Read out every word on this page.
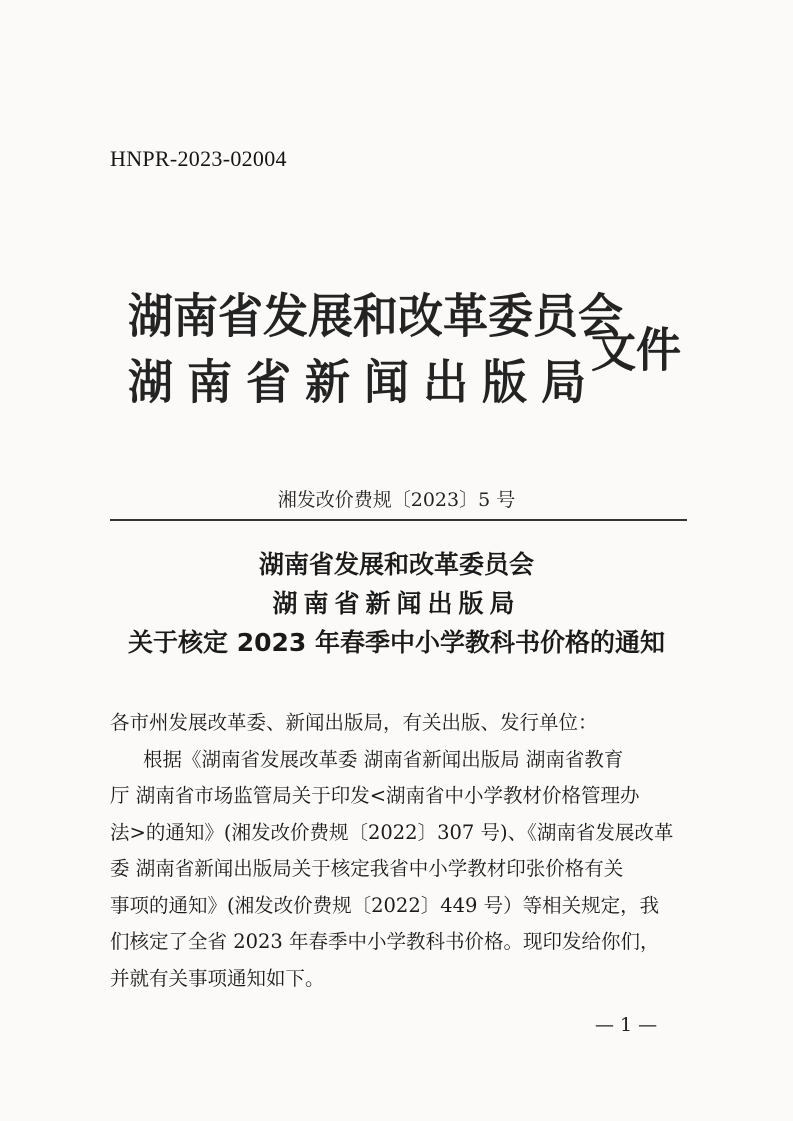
HNPR-2023-02004
湖南省发展和改革委员会
湖南省新闻出版局
文件
湘发改价费规〔2023〕5 号
湖南省发展和改革委员会
湖南省新闻出版局
关于核定 2023 年春季中小学教科书价格的通知
各市州发展改革委、新闻出版局，有关出版、发行单位：
根据《湖南省发展改革委 湖南省新闻出版局 湖南省教育
厅 湖南省市场监管局关于印发<湖南省中小学教材价格管理办
法>的通知》(湘发改价费规〔2022〕307 号)、《湖南省发展改革
委 湖南省新闻出版局关于核定我省中小学教材印张价格有关
事项的通知》(湘发改价费规〔2022〕449 号）等相关规定，我
们核定了全省 2023 年春季中小学教科书价格。现印发给你们，
并就有关事项通知如下。
— 1 —
